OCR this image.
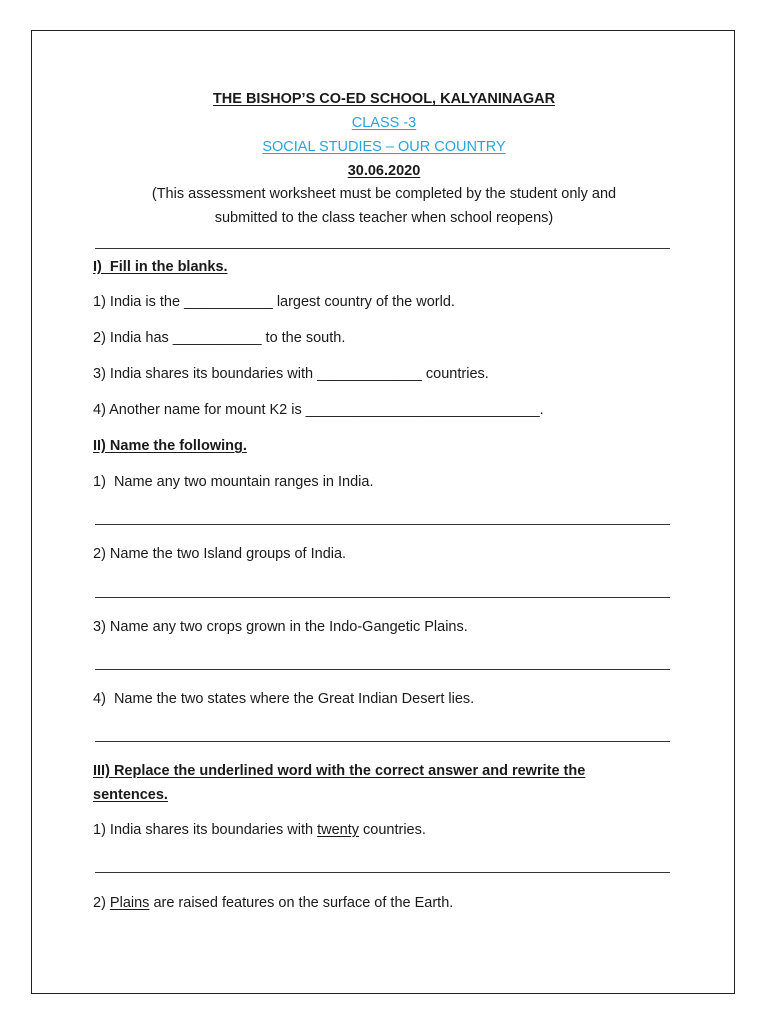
THE BISHOP’S CO-ED SCHOOL, KALYANINAGAR
CLASS -3
SOCIAL STUDIES – OUR COUNTRY
30.06.2020
(This assessment worksheet must be completed by the student only and
submitted to the class teacher when school reopens)
I)  Fill in the blanks.
1) India is the ___________ largest country of the world.
2) India has ___________ to the south.
3) India shares its boundaries with _____________ countries.
4) Another name for mount K2 is _____________________________.
II) Name the following.
1)  Name any two mountain ranges in India.
2) Name the two Island groups of India.
3) Name any two crops grown in the Indo-Gangetic Plains.
4)  Name the two states where the Great Indian Desert lies.
III) Replace the underlined word with the correct answer and rewrite the
sentences.
1) India shares its boundaries with twenty countries.
2) Plains are raised features on the surface of the Earth.
